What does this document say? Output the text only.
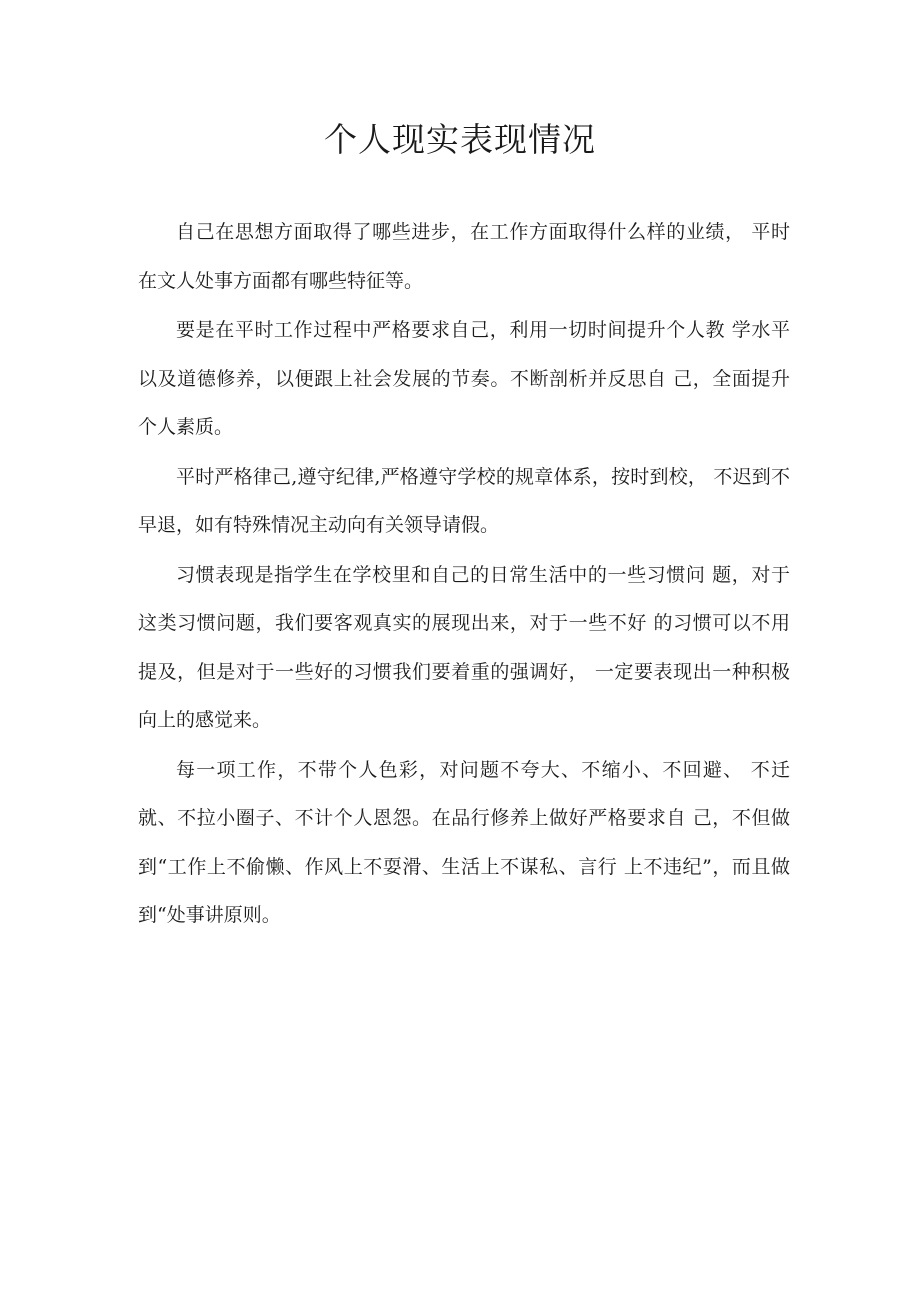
个人现实表现情况

自己在思想方面取得了哪些进步，在工作方面取得什么样的业绩， 平时在文人处事方面都有哪些特征等。

要是在平时工作过程中严格要求自己，利用一切时间提升个人教 学水平以及道德修养，以便跟上社会发展的节奏。不断剖析并反思自 己，全面提升个人素质。

平时严格律己,遵守纪律,严格遵守学校的规章体系，按时到校， 不迟到不早退，如有特殊情况主动向有关领导请假。

习惯表现是指学生在学校里和自己的日常生活中的一些习惯问 题，对于这类习惯问题，我们要客观真实的展现出来，对于一些不好 的习惯可以不用提及，但是对于一些好的习惯我们要着重的强调好， 一定要表现出一种积极向上的感觉来。

每一项工作，不带个人色彩，对问题不夸大、不缩小、不回避、 不迁就、不拉小圈子、不计个人恩怨。在品行修养上做好严格要求自 己，不但做到“工作上不偷懒、作风上不耍滑、生活上不谋私、言行 上不违纪”，而且做到“处事讲原则。
